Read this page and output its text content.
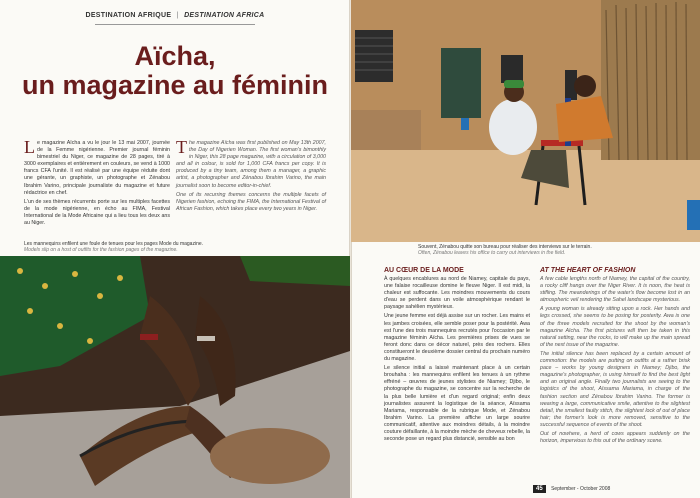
DESTINATION AFRIQUE | DESTINATION AFRICA
Aïcha,
un magazine au féminin

Le magazine Aïcha a vu le jour le 13 mai 2007, journée de la Femme nigérienne. Premier journal féminin bimestriel du Niger, ce magazine de 28 pages, tiré à 3000 exemplaires et entièrement en couleurs, se vend à 1000 francs CFA l'unité. Il est réalisé par une équipe réduite dont une gérante, un graphiste, un photographe et Zénabou Ibrahim Varino, principale journaliste du magazine et future rédactrice en chef.

L'un de ses thèmes récurrents porte sur les multiples facettes de la mode nigérienne, en écho au FIMA, Festival International de la Mode Africaine qui a lieu tous les deux ans au Niger.

The magazine Aïcha was first published on May 13th 2007, the Day of Nigerien Woman. The first woman's bimonthly in Niger, this 28 page magazine, with a circulation of 3,000 and all in colour, is sold for 1,000 CFA francs per copy. It is produced by a tiny team, among them a manager, a graphic artist, a photographer and Zénabou Ibrahim Varino, the main journalist soon to become editor-in-chief.

One of its recurring themes concerns the multiple facets of Nigerien fashion, echoing the FIMA, the International Festival of African Fashion, which takes place every two years in Niger.

Les mannequins enfilent une foule de tenues pour les pages Mode du magazine.
Models slip on a host of outfits for the fashion pages of the magazine.	Souvent, Zénabou quitte son bureau pour réaliser des interviews sur le terrain.
Often, Zénabou leaves his office to carry out interviews in the field.
AU CŒUR DE LA MODE	AT THE HEART OF FASHION

À quelques encablures au nord de Niamey, capitale du pays, une falaise rocailleuse domine le fleuve Niger. Il est midi, la chaleur est suffocante. Les moindres mouvements du cours d'eau se perdent dans un voile atmosphérique rendant le paysage sahélien mystérieux.

Une jeune femme est déjà assise sur un rocher. Les mains et les jambes croisées, elle semble poser pour la postérité. Awa est l'une des trois mannequins recrutés pour l'occasion par le magazine féminin Aïcha. Les premières prises de vues se feront donc dans ce décor naturel, près des rochers. Elles constitueront le deuxième dossier central du prochain numéro du magazine.

Le silence initial a laissé maintenant place à un certain brouhaha : les mannequins enfilent les tenues à un rythme effréné – œuvres de jeunes stylistes de Niamey; Djibo, le photographe du magazine, se concentre sur la recherche de la plus belle lumière et d'un regard original; enfin deux journalistes assurent la logistique de la séance, Aïssama Mariama, responsable de la rubrique Mode, et Zénabou Ibrahim Varino. La première affiche un large sourire communicatif, attentive aux moindres détails, à la moindre couture défaillante, à la moindre mèche de cheveux rebelle, la seconde pose un regard plus distancié, sensible au bon

A few cable lengths north of Niamey, the capital of the country, a rocky cliff hangs over the Niger River. It is noon, the heat is stifling. The meanderings of the water's flow become lost in an atmospheric veil rendering the Sahel landscape mysterious.

A young woman is already sitting upon a rock. Her hands and legs crossed, she seems to be posing for posterity. Awa is one of the three models recruited for the shoot by the woman's magazine Aïcha. The first pictures will then be taken in this natural setting, near the rocks, to will make up the main spread of the next issue of the magazine.

The initial silence has been replaced by a certain amount of commotion: the models are putting on outfits at a rather brisk pace – works by young designers in Niamey; Djibo, the magazine's photographer, is using himself to find the best light and an original angle. Finally two journalists are seeing to the logistics of the shoot, Aïssama Mariama, in charge of the fashion section and Zénabou Ibrahim Varino. The former is wearing a large, communicative smile, attentive to the slightest detail, the smallest faulty stitch, the slightest lock of out of place hair; the former's look is more removed, sensitive to the successful sequence of events of the shoot.

Out of nowhere, a herd of cows appears suddenly on the horizon, impervious to this out of the ordinary scene.

45 September - October 2008
